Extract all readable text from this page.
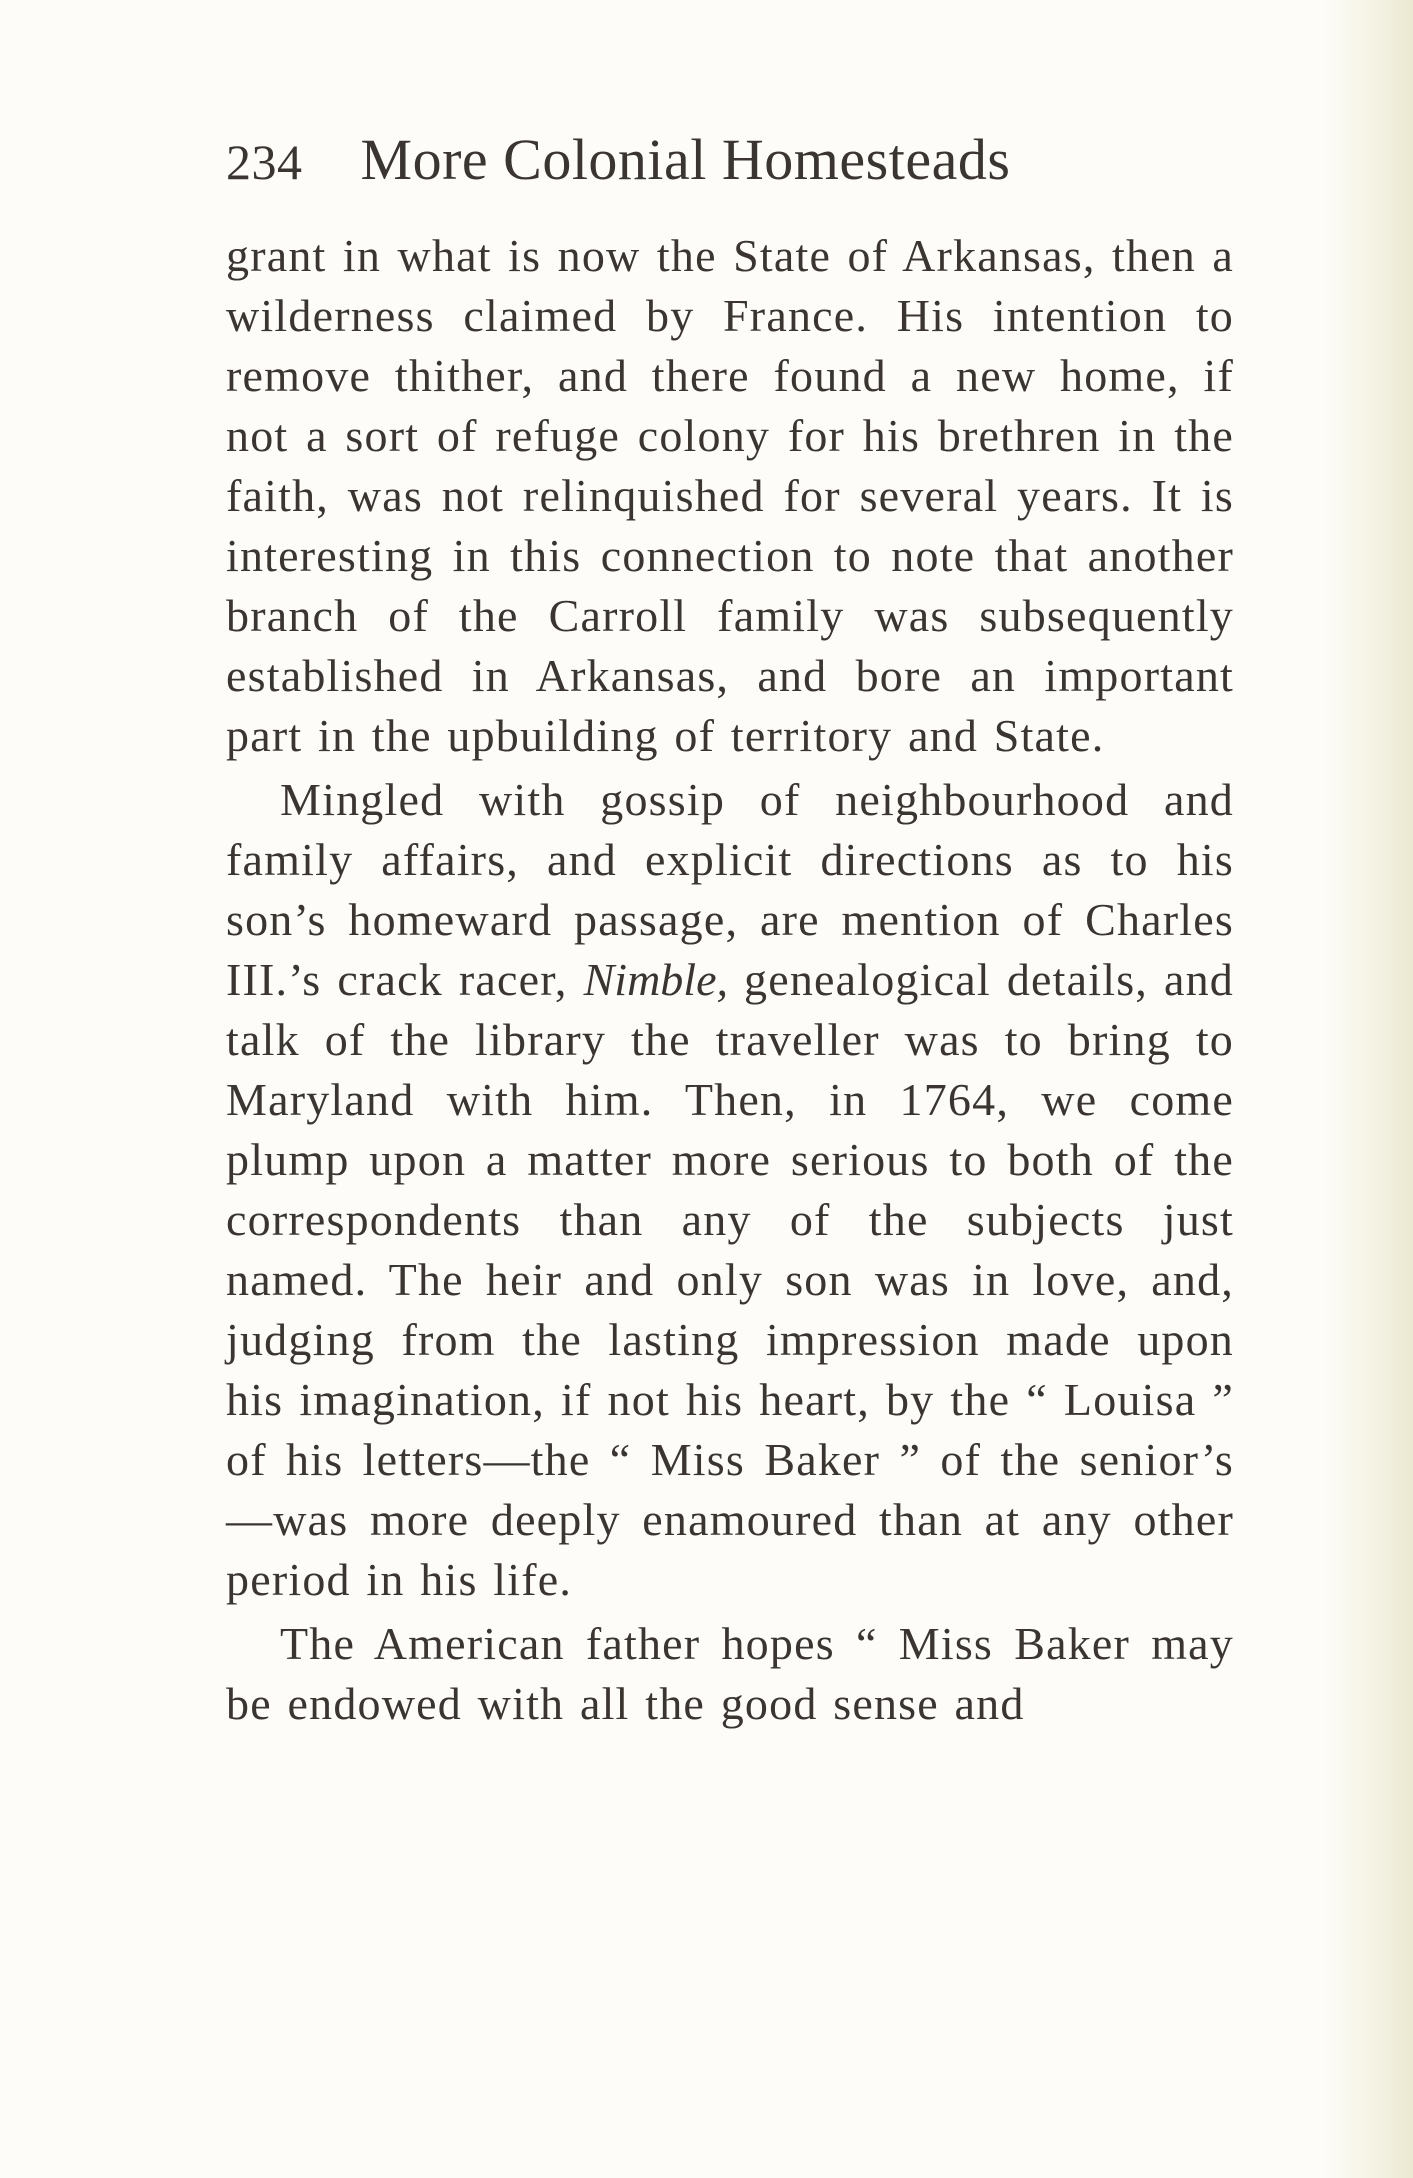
234 More Colonial Homesteads

grant in what is now the State of Arkansas, then a wilderness claimed by France. His intention to remove thither, and there found a new home, if not a sort of refuge colony for his brethren in the faith, was not relinquished for several years. It is interesting in this connection to note that another branch of the Carroll family was subsequently established in Arkansas, and bore an important part in the upbuilding of territory and State.

Mingled with gossip of neighbourhood and family affairs, and explicit directions as to his son’s homeward passage, are mention of Charles III.’s crack racer, Nimble, genealogical details, and talk of the library the traveller was to bring to Maryland with him. Then, in 1764, we come plump upon a matter more serious to both of the correspondents than any of the subjects just named. The heir and only son was in love, and, judging from the lasting impression made upon his imagination, if not his heart, by the “ Louisa ” of his letters—the “ Miss Baker ” of the senior’s—was more deeply enamoured than at any other period in his life.

The American father hopes “ Miss Baker may be endowed with all the good sense and
